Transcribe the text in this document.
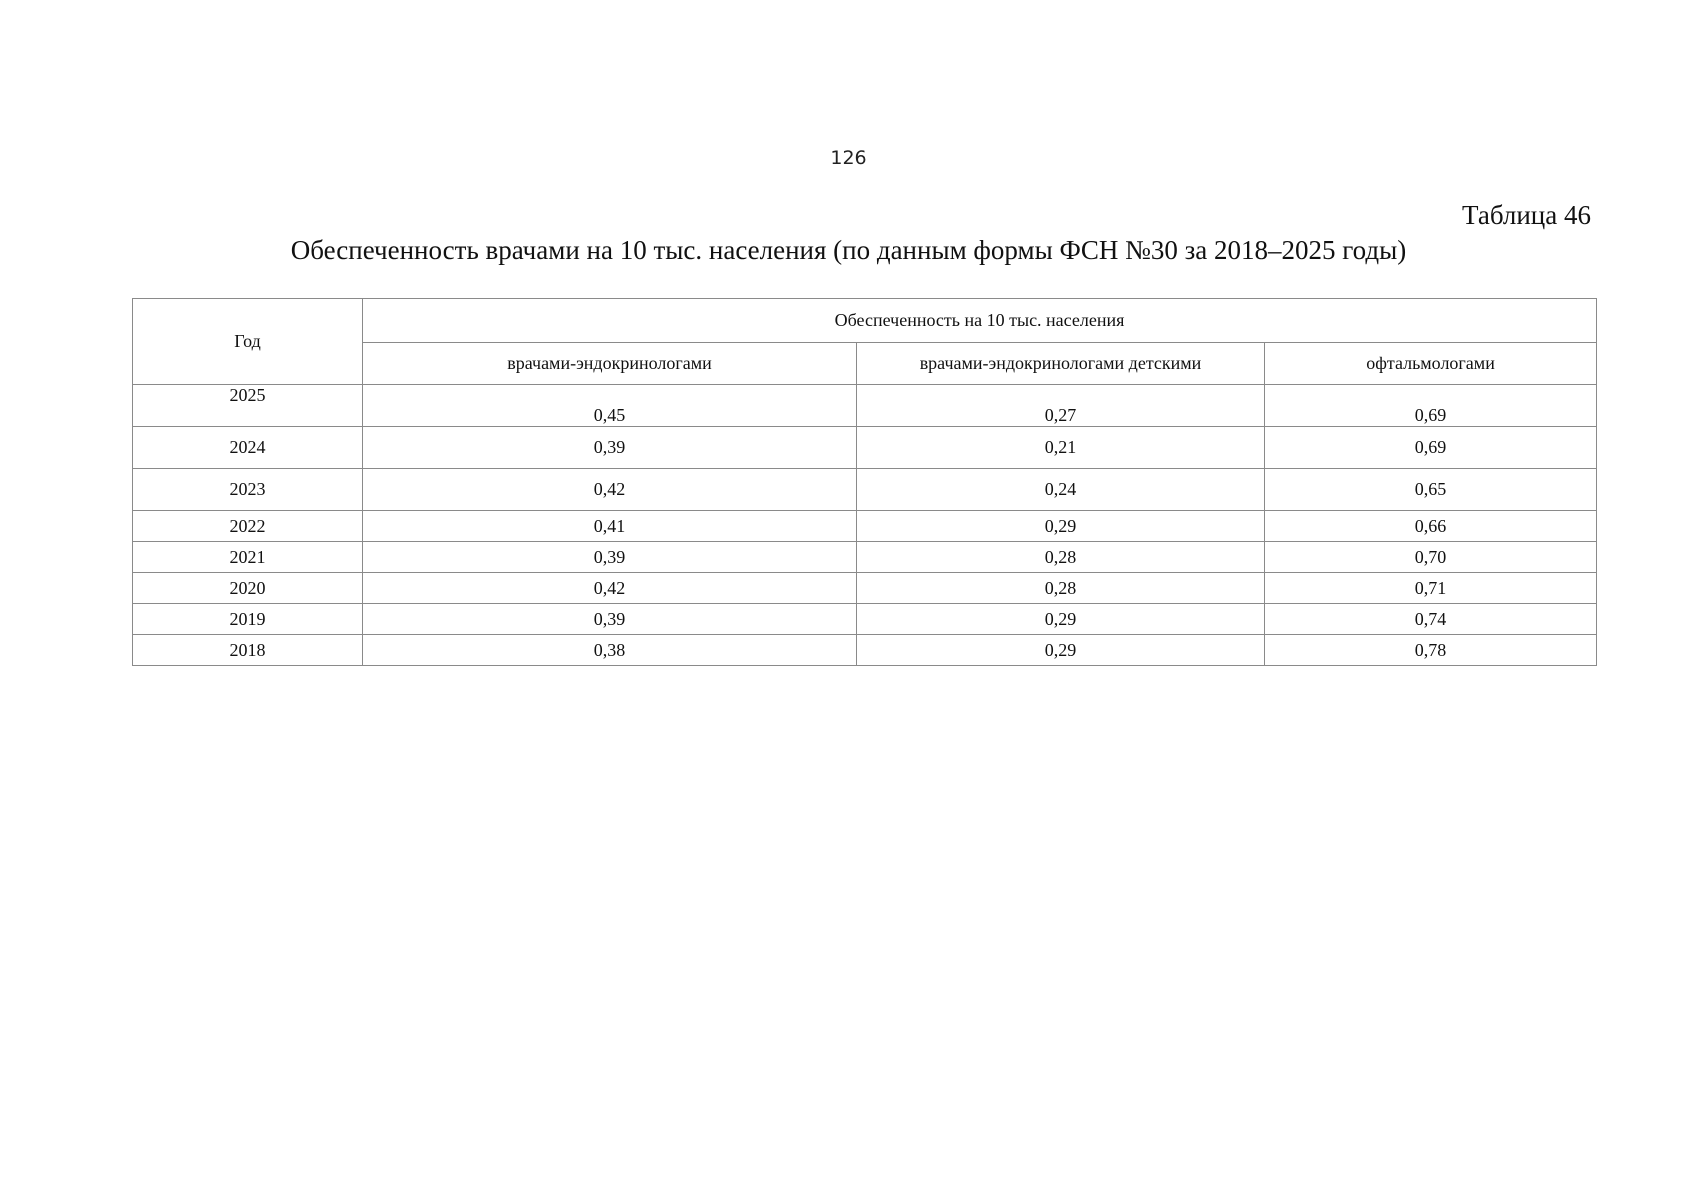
126
Таблица 46
Обеспеченность врачами на 10 тыс. населения (по данным формы ФСН №30 за 2018–2025 годы)
Год	Обеспеченность на 10 тыс. населения		
	врачами-эндокринологами	врачами-эндокринологами детскими	офтальмологами
2025	0,45	0,27	0,69
2024	0,39	0,21	0,69
2023	0,42	0,24	0,65
2022	0,41	0,29	0,66
2021	0,39	0,28	0,70
2020	0,42	0,28	0,71
2019	0,39	0,29	0,74
2018	0,38	0,29	0,78
